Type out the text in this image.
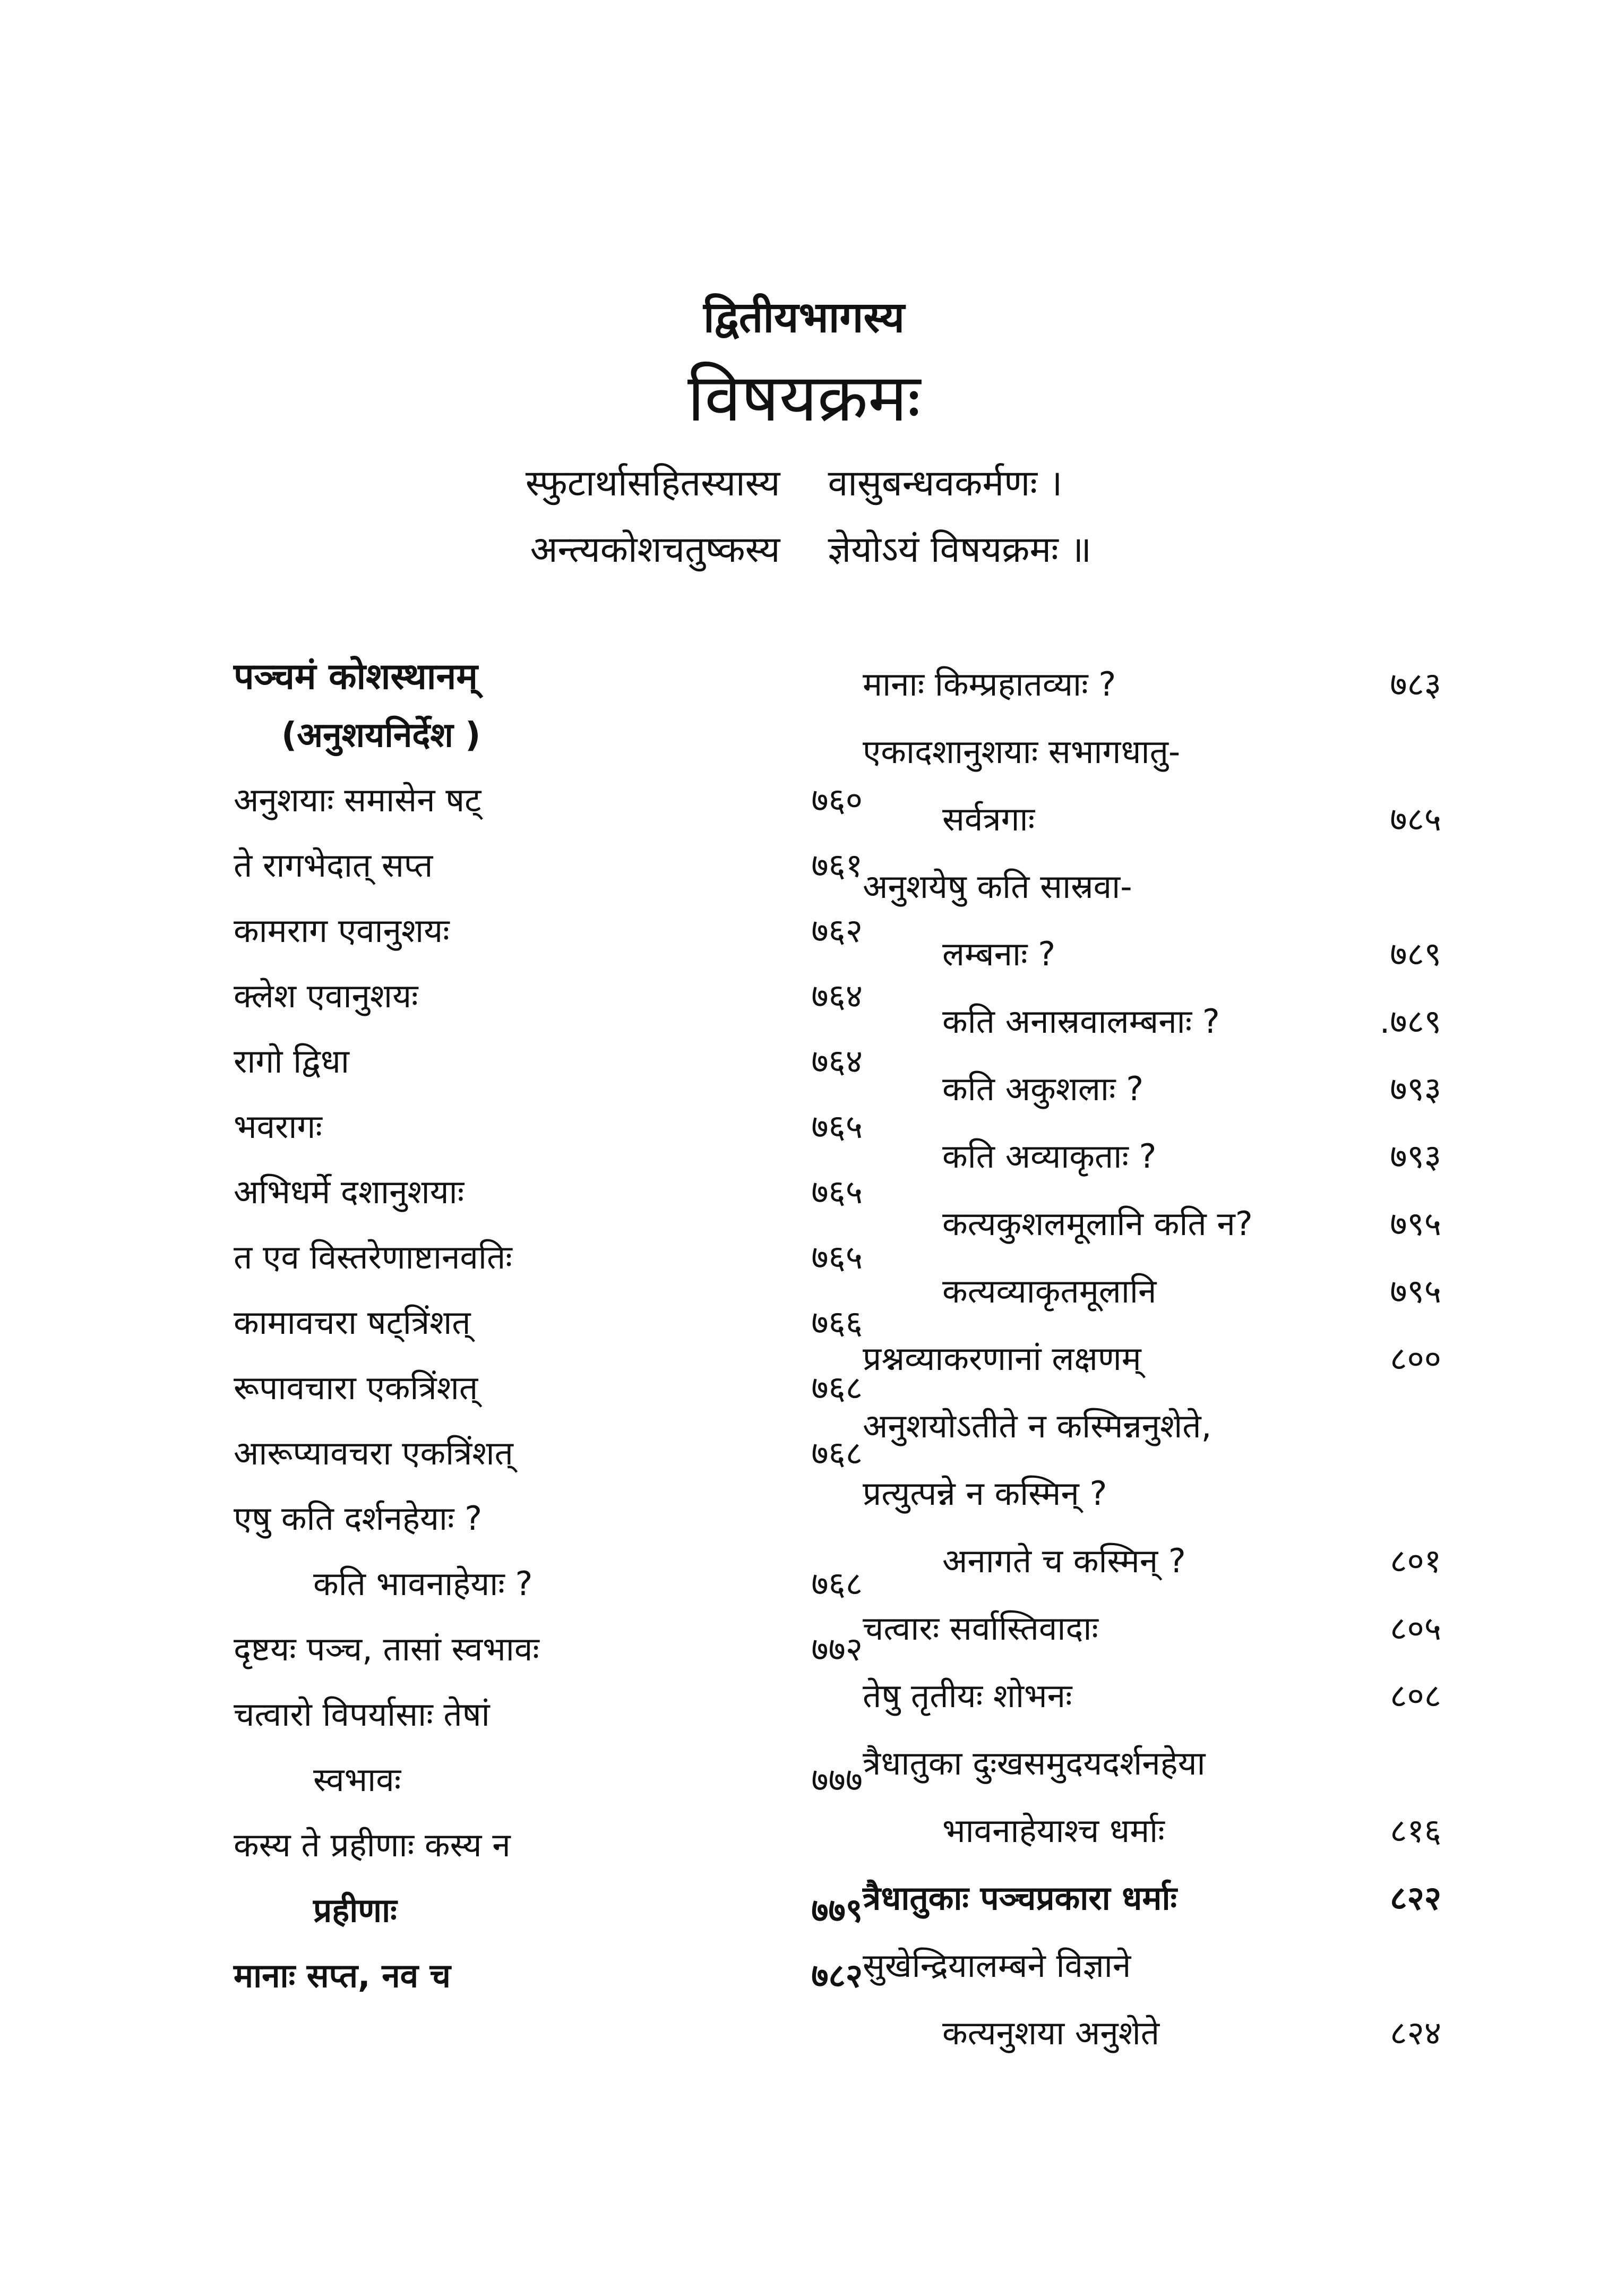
द्वितीयभागस्य
विषयक्रमः
स्फुटार्थासहितस्यास्य वासुबन्धवकर्मणः ।
अन्त्यकोशचतुष्कस्य ज्ञेयोऽयं विषयक्रमः ॥
पञ्चमं कोशस्थानम्
(अनुशयनिर्देश )
अनुशयाः समासेन षट्	७६०
ते रागभेदात् सप्त	७६१
कामराग एवानुशयः	७६२
क्लेश एवानुशयः	७६४
रागो द्विधा	७६४
भवरागः	७६५
अभिधर्मे दशानुशयाः	७६५
त एव विस्तरेणाष्टानवतिः	७६५
कामावचरा षट्त्रिंशत्	७६६
रूपावचारा एकत्रिंशत्	७६८
आरूप्यावचरा एकत्रिंशत्	७६८
एषु कति दर्शनहेयाः ?
कति भावनाहेयाः ?	७६८
दृष्टयः पञ्च, तासां स्वभावः	७७२
चत्वारो विपर्यासाः तेषां
स्वभावः	७७७
कस्य ते प्रहीणाः कस्य न
प्रहीणाः	७७९
मानाः सप्त, नव च	७८२
मानाः किम्प्रहातव्याः ?	७८३
एकादशानुशयाः सभागधातु-
सर्वत्रगाः	७८५
अनुशयेषु कति सास्रवा-
लम्बनाः ?	७८९
कति अनास्रवालम्बनाः ?	.७८९
कति अकुशलाः ?	७९३
कति अव्याकृताः ?	७९३
कत्यकुशलमूलानि कति न?	७९५
कत्यव्याकृतमूलानि	७९५
प्रश्नव्याकरणानां लक्षणम्	८००
अनुशयोऽतीते न कस्मिन्ननुशेते,
प्रत्युत्पन्ने न कस्मिन् ?
अनागते च कस्मिन् ?	८०१
चत्वारः सर्वास्तिवादाः	८०५
तेषु तृतीयः शोभनः	८०८
त्रैधातुका दुःखसमुदयदर्शनहेया
भावनाहेयाश्च धर्माः	८१६
त्रैधातुकाः पञ्चप्रकारा धर्माः	८२२
सुखेन्द्रियालम्बने विज्ञाने
कत्यनुशया अनुशेते	८२४
